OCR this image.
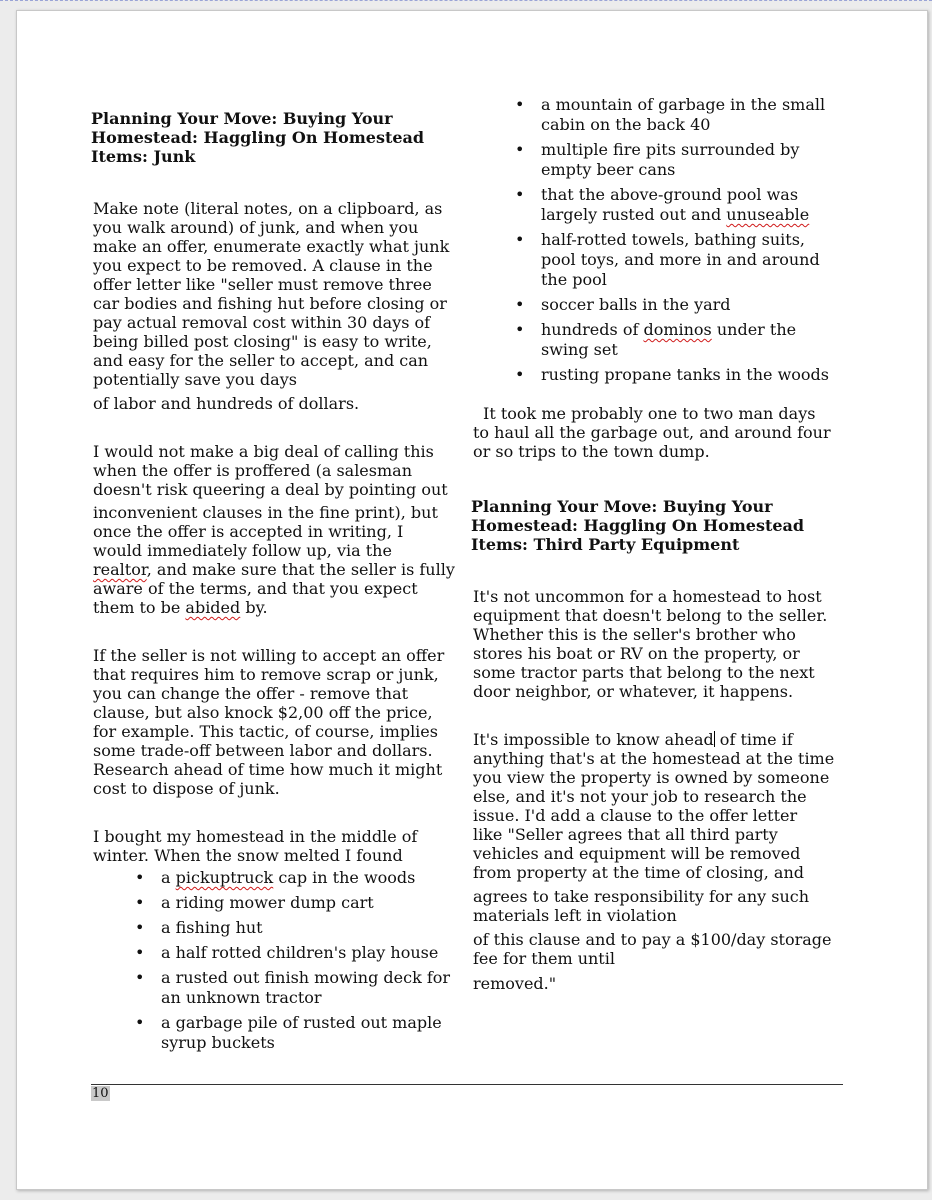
Planning Your Move: Buying Your
Homestead: Haggling On Homestead
Items: Junk

Make note (literal notes, on a clipboard, as
you walk around) of junk, and when you
make an offer, enumerate exactly what junk
you expect to be removed. A clause in the
offer letter like "seller must remove three
car bodies and fishing hut before closing or
pay actual removal cost within 30 days of
being billed post closing" is easy to write,
and easy for the seller to accept, and can
potentially save you days

of labor and hundreds of dollars.

I would not make a big deal of calling this
when the offer is proffered (a salesman
doesn't risk queering a deal by pointing out
inconvenient clauses in the fine print), but
once the offer is accepted in writing, I
would immediately follow up, via the
realtor, and make sure that the seller is fully
aware of the terms, and that you expect
them to be abided by.

If the seller is not willing to accept an offer
that requires him to remove scrap or junk,
you can change the offer - remove that
clause, but also knock $2,00 off the price,
for example. This tactic, of course, implies
some trade-off between labor and dollars.
Research ahead of time how much it might
cost to dispose of junk.

I bought my homestead in the middle of
winter. When the snow melted I found

• a pickuptruck cap in the woods
• a riding mower dump cart
• a fishing hut
• a half rotted children's play house
• a rusted out finish mowing deck for
an unknown tractor
• a garbage pile of rusted out maple
syrup buckets
• a mountain of garbage in the small
cabin on the back 40
• multiple fire pits surrounded by
empty beer cans
• that the above-ground pool was
largely rusted out and unuseable
• half-rotted towels, bathing suits,
pool toys, and more in and around
the pool
• soccer balls in the yard
• hundreds of dominos under the
swing set
• rusting propane tanks in the woods

It took me probably one to two man days
to haul all the garbage out, and around four
or so trips to the town dump.

Planning Your Move: Buying Your
Homestead: Haggling On Homestead
Items: Third Party Equipment

It's not uncommon for a homestead to host
equipment that doesn't belong to the seller.
Whether this is the seller's brother who
stores his boat or RV on the property, or
some tractor parts that belong to the next
door neighbor, or whatever, it happens.

It's impossible to know ahead of time if
anything that's at the homestead at the time
you view the property is owned by someone
else, and it's not your job to research the
issue. I'd add a clause to the offer letter
like "Seller agrees that all third party
vehicles and equipment will be removed
from property at the time of closing, and

agrees to take responsibility for any such
materials left in violation

of this clause and to pay a $100/day storage
fee for them until

removed."

10
